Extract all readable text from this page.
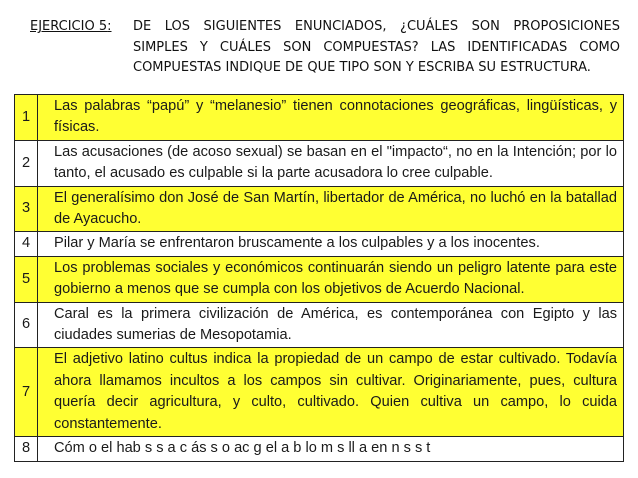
EJERCICIO 5: DE LOS SIGUIENTES ENUNCIADOS, ¿CUÁLES SON PROPOSICIONES SIMPLES Y CUÁLES SON COMPUESTAS? LAS IDENTIFICADAS COMO COMPUESTAS INDIQUE DE QUE TIPO SON Y ESCRIBA SU ESTRUCTURA.
1	Las palabras “papú” y “melanesio” tienen connotaciones geográficas, lingüísticas, y físicas.
2	Las acusaciones (de acoso sexual) se basan en el "impacto“, no en la Intención; por lo tanto, el acusado es culpable si la parte acusadora lo cree culpable.
3	El generalísimo don José de San Martín, libertador de América, no luchó en la batallad de Ayacucho.
4	Pilar y María se enfrentaron bruscamente a los culpables y a los inocentes.
5	Los problemas sociales y económicos continuarán siendo un peligro latente para este gobierno a menos que se cumpla con los objetivos de Acuerdo Nacional.
6	Caral es la primera civilización de América, es contemporánea con Egipto y las ciudades sumerias de Mesopotamia.
7	El adjetivo latino cultus indica la propiedad de un campo de estar cultivado. Todavía ahora llamamos incultos a los campos sin cultivar. Originariamente, pues, cultura quería decir agricultura, y culto, cultivado. Quien cultiva un campo, lo cuida constantemente.
8	Cóm o el hab s s a c ás s o ac g el a b lo m s ll a en n s s t
